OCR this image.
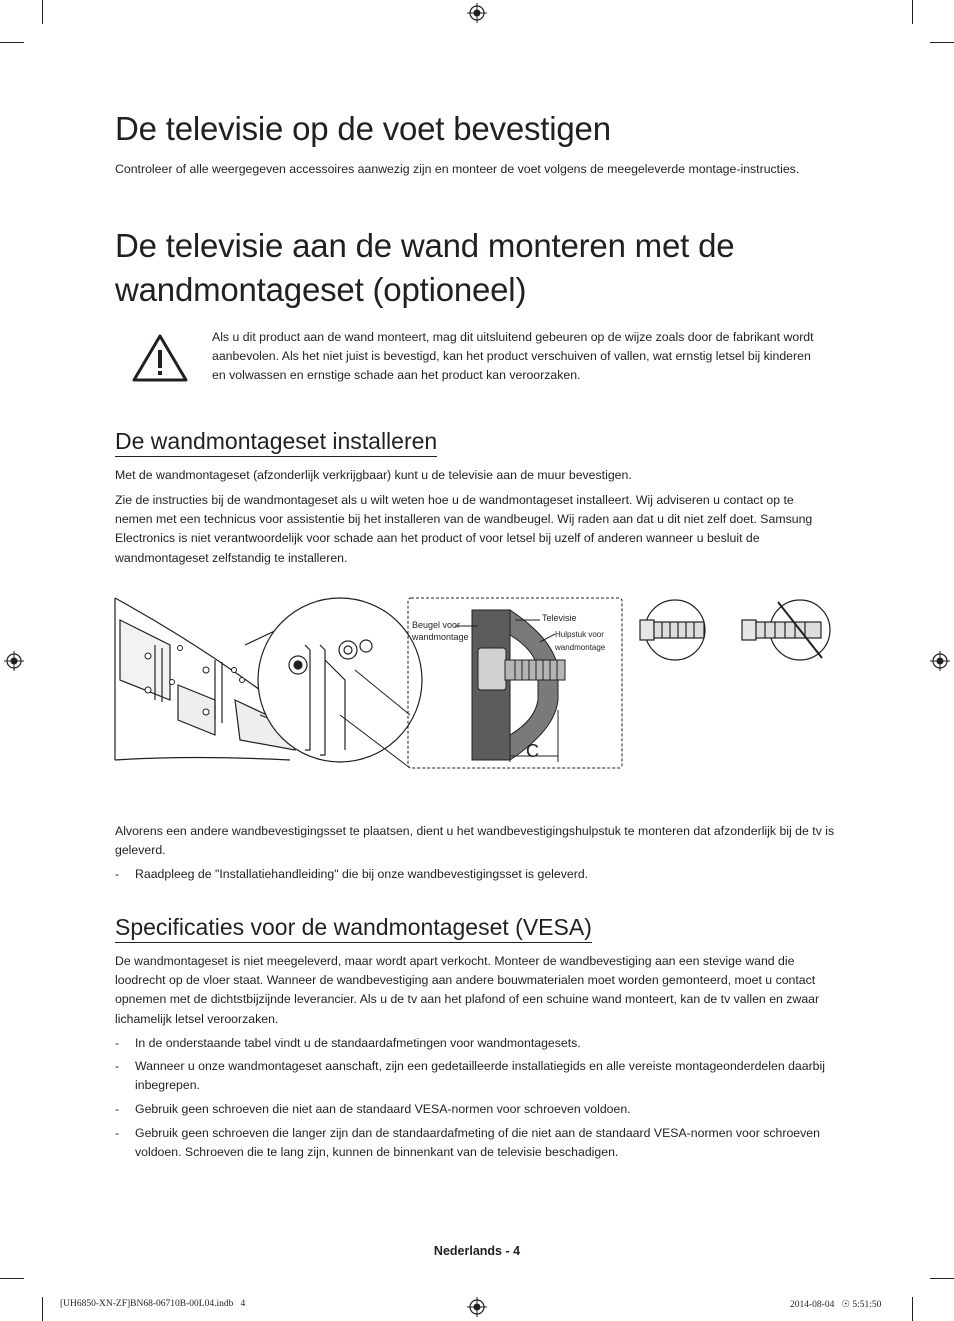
De televisie op de voet bevestigen

Controleer of alle weergegeven accessoires aanwezig zijn en monteer de voet volgens de meegeleverde montage-instructies.

De televisie aan de wand monteren met de
wandmontageset (optioneel)

Als u dit product aan de wand monteert, mag dit uitsluitend gebeuren op de wijze zoals door de fabrikant wordt aanbevolen. Als het niet juist is bevestigd, kan het product verschuiven of vallen, wat ernstig letsel bij kinderen en volwassen en ernstige schade aan het product kan veroorzaken.

De wandmontageset installeren

Met de wandmontageset (afzonderlijk verkrijgbaar) kunt u de televisie aan de muur bevestigen.

Zie de instructies bij de wandmontageset als u wilt weten hoe u de wandmontageset installeert. Wij adviseren u contact op te nemen met een technicus voor assistentie bij het installeren van de wandbeugel. Wij raden aan dat u dit niet zelf doet. Samsung Electronics is niet verantwoordelijk voor schade aan het product of voor letsel bij uzelf of anderen wanneer u besluit de wandmontageset zelfstandig te installeren.

Beugel voor
wandmontage
Televisie
Hulpstuk voor
wandmontage
C

Alvorens een andere wandbevestigingsset te plaatsen, dient u het wandbevestigingshulpstuk te monteren dat afzonderlijk bij de tv is geleverd.

- Raadpleeg de "Installatiehandleiding" die bij onze wandbevestigingsset is geleverd.
Specificaties voor de wandmontageset (VESA)

De wandmontageset is niet meegeleverd, maar wordt apart verkocht. Monteer de wandbevestiging aan een stevige wand die loodrecht op de vloer staat. Wanneer de wandbevestiging aan andere bouwmaterialen moet worden gemonteerd, moet u contact opnemen met de dichtstbijzijnde leverancier. Als u de tv aan het plafond of een schuine wand monteert, kan de tv vallen en zwaar lichamelijk letsel veroorzaken.

- In de onderstaande tabel vindt u de standaardafmetingen voor wandmontagesets.
- Wanneer u onze wandmontageset aanschaft, zijn een gedetailleerde installatiegids en alle vereiste montageonderdelen daarbij inbegrepen.
- Gebruik geen schroeven die niet aan de standaard VESA-normen voor schroeven voldoen.
- Gebruik geen schroeven die langer zijn dan de standaardafmeting of die niet aan de standaard VESA-normen voor schroeven voldoen. Schroeven die te lang zijn, kunnen de binnenkant van de televisie beschadigen.
Nederlands - 4
[UH6850-XN-ZF]BN68-06710B-00L04.indb   4	2014-08-04   ☉ 5:51:50
